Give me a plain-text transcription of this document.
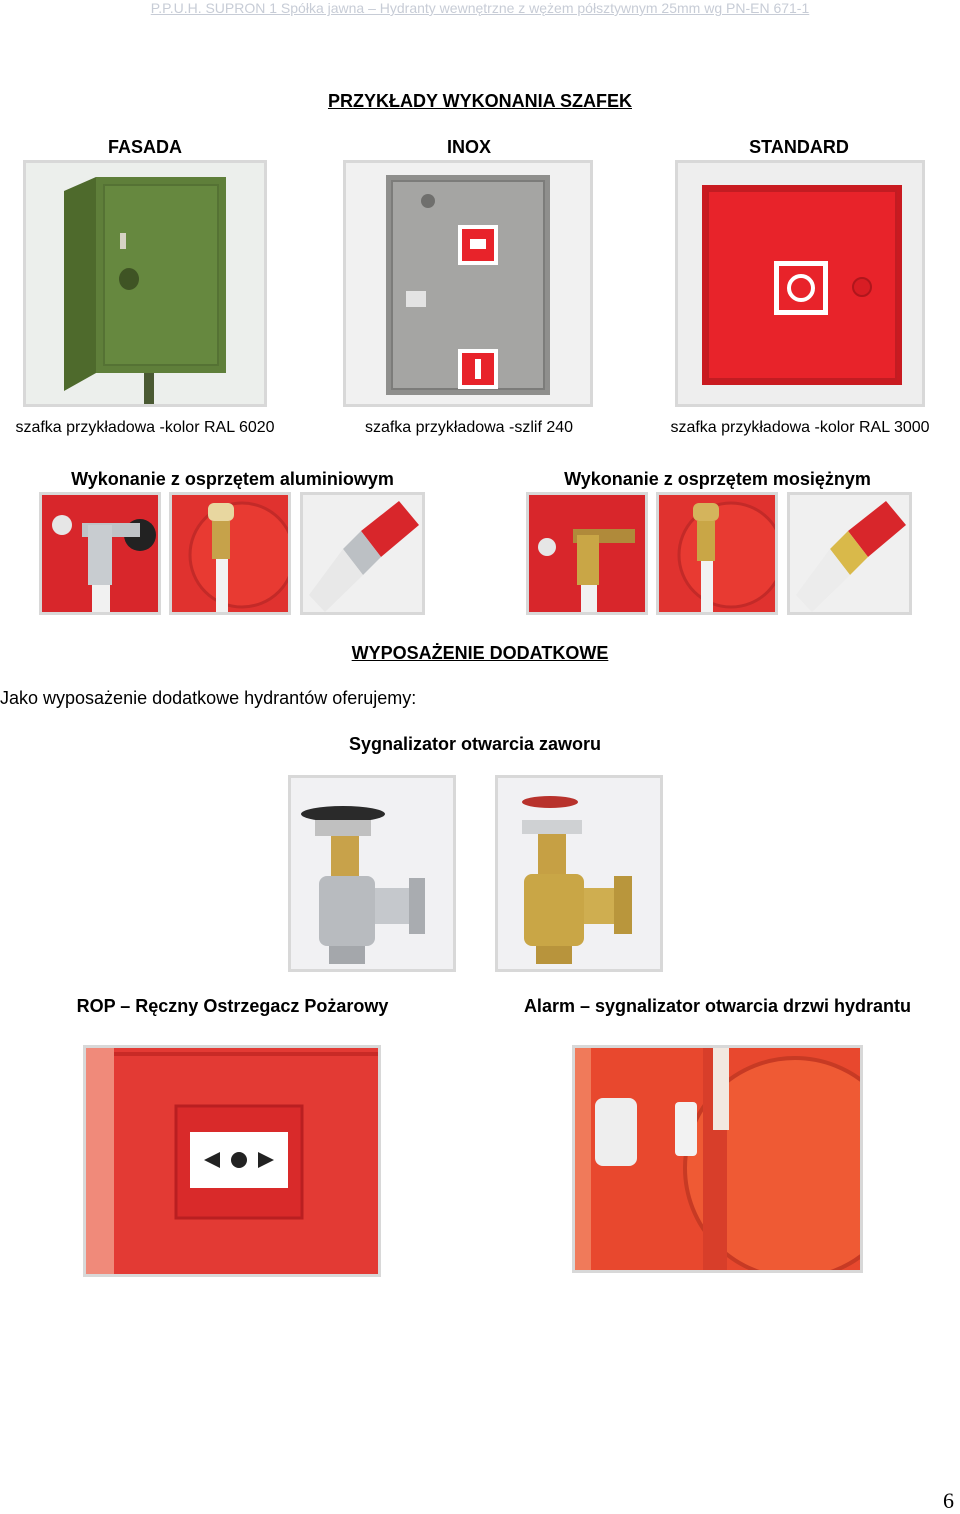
P.P.U.H. SUPRON 1 Spółka jawna – Hydranty wewnętrzne z wężem półsztywnym 25mm wg PN-EN 671-1
PRZYKŁADY WYKONANIA SZAFEK
FASADA	INOX	STANDARD
szafka przykładowa -kolor RAL 6020	szafka przykładowa -szlif 240	szafka przykładowa -kolor RAL 3000
Wykonanie z osprzętem aluminiowym	Wykonanie z osprzętem mosiężnym
WYPOSAŻENIE DODATKOWE
Jako wyposażenie dodatkowe hydrantów oferujemy:
Sygnalizator otwarcia zaworu
ROP – Ręczny Ostrzegacz Pożarowy	Alarm – sygnalizator otwarcia drzwi hydrantu
6
